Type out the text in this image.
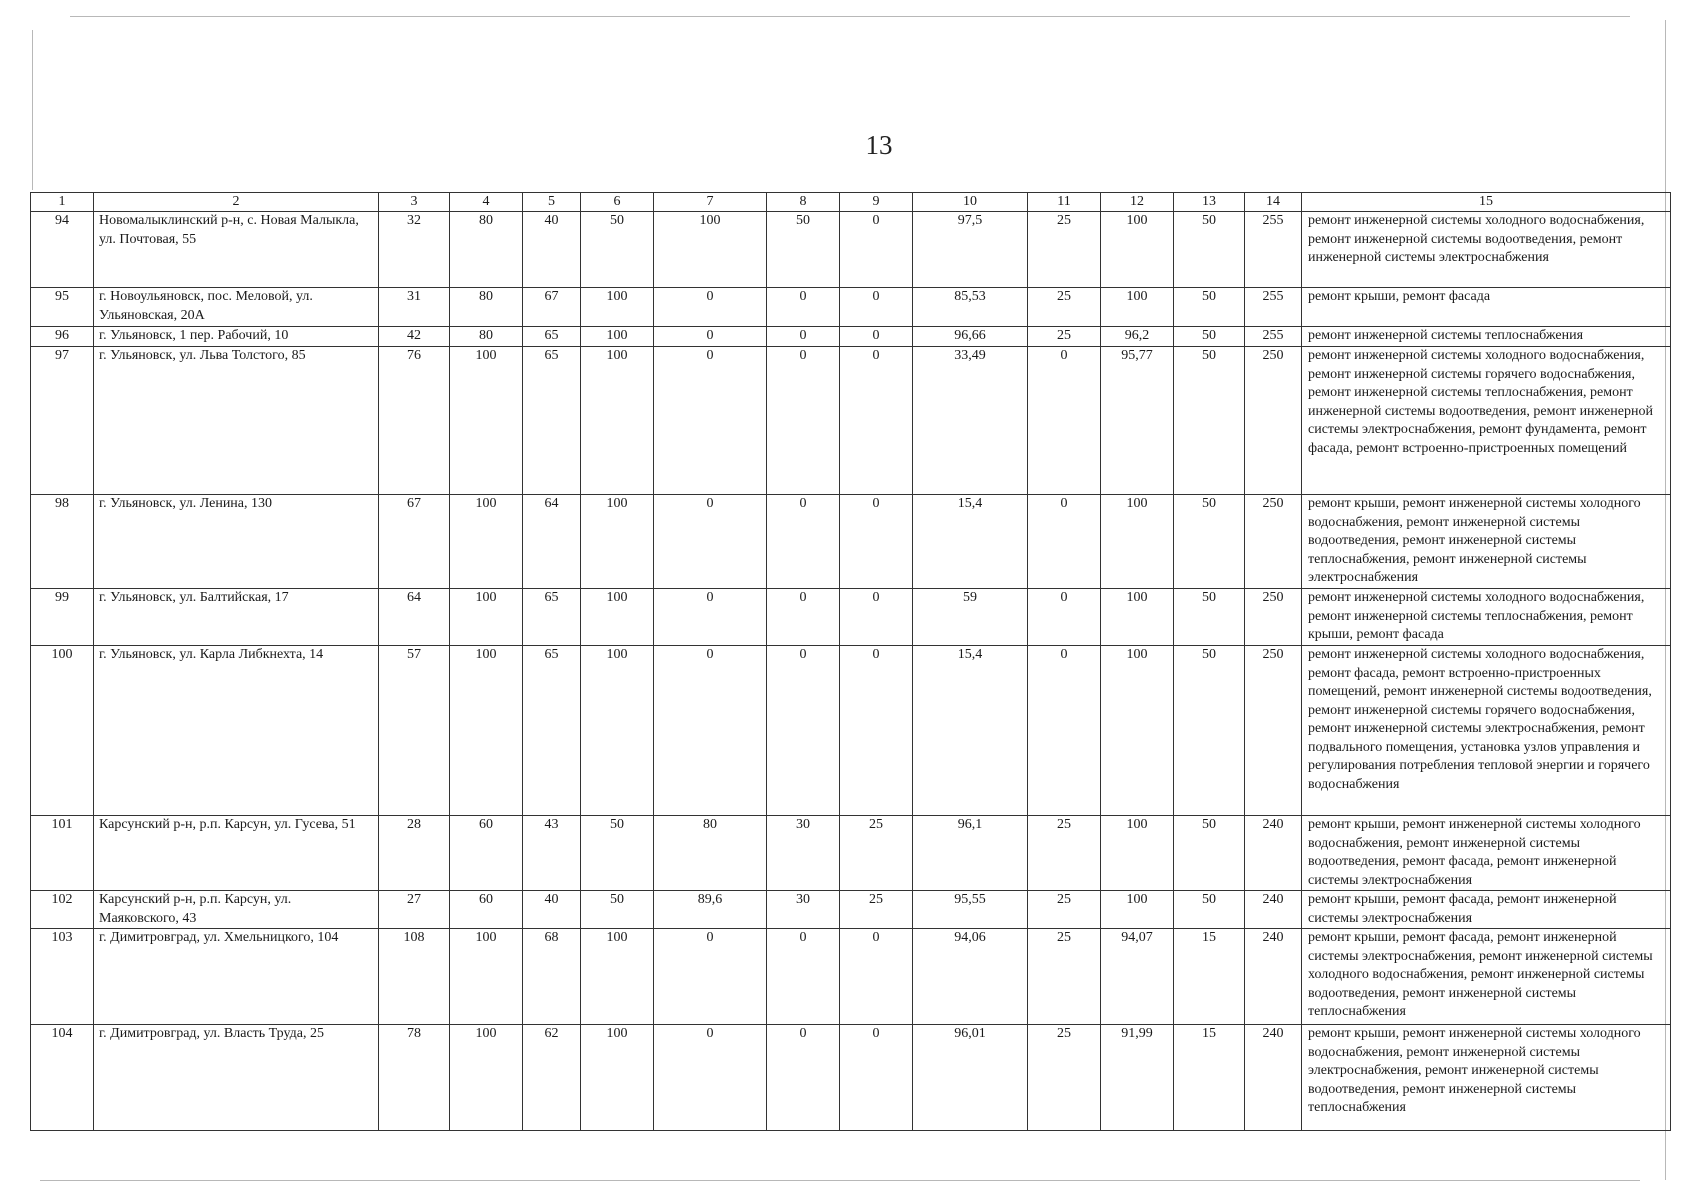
13
1	2	3	4	5	6	7	8	9	10	11	12	13	14	15
94	Новомалыклинский р-н, с. Новая Малыкла, ул. Почтовая, 55	32	80	40	50	100	50	0	97,5	25	100	50	255	ремонт инженерной системы холодного водоснабжения, ремонт инженерной системы водоотведения, ремонт инженерной системы электроснабжения
95	г. Новоульяновск, пос. Меловой, ул. Ульяновская, 20А	31	80	67	100	0	0	0	85,53	25	100	50	255	ремонт крыши, ремонт фасада
96	г. Ульяновск, 1 пер. Рабочий, 10	42	80	65	100	0	0	0	96,66	25	96,2	50	255	ремонт инженерной системы теплоснабжения
97	г. Ульяновск, ул. Льва Толстого, 85	76	100	65	100	0	0	0	33,49	0	95,77	50	250	ремонт инженерной системы холодного водоснабжения, ремонт инженерной системы горячего водоснабжения, ремонт инженерной системы теплоснабжения, ремонт инженерной системы водоотведения, ремонт инженерной системы электроснабжения, ремонт фундамента, ремонт фасада, ремонт встроенно-пристроенных помещений
98	г. Ульяновск, ул. Ленина, 130	67	100	64	100	0	0	0	15,4	0	100	50	250	ремонт крыши, ремонт инженерной системы холодного водоснабжения, ремонт инженерной системы водоотведения, ремонт инженерной системы теплоснабжения, ремонт инженерной системы электроснабжения
99	г. Ульяновск, ул. Балтийская, 17	64	100	65	100	0	0	0	59	0	100	50	250	ремонт инженерной системы холодного водоснабжения, ремонт инженерной системы теплоснабжения, ремонт крыши, ремонт фасада
100	г. Ульяновск, ул. Карла Либкнехта, 14	57	100	65	100	0	0	0	15,4	0	100	50	250	ремонт инженерной системы холодного водоснабжения, ремонт фасада, ремонт встроенно-пристроенных помещений, ремонт инженерной системы водоотведения, ремонт инженерной системы горячего водоснабжения, ремонт инженерной системы электроснабжения, ремонт подвального помещения, установка узлов управления и регулирования потребления тепловой энергии и горячего водоснабжения
101	Карсунский р-н, р.п. Карсун, ул. Гусева, 51	28	60	43	50	80	30	25	96,1	25	100	50	240	ремонт крыши, ремонт инженерной системы холодного водоснабжения, ремонт инженерной системы водоотведения, ремонт фасада, ремонт инженерной системы электроснабжения
102	Карсунский р-н, р.п. Карсун, ул. Маяковского, 43	27	60	40	50	89,6	30	25	95,55	25	100	50	240	ремонт крыши, ремонт фасада, ремонт инженерной системы электроснабжения
103	г. Димитровград, ул. Хмельницкого, 104	108	100	68	100	0	0	0	94,06	25	94,07	15	240	ремонт крыши, ремонт фасада, ремонт инженерной системы электроснабжения, ремонт инженерной системы холодного водоснабжения, ремонт инженерной системы водоотведения, ремонт инженерной системы теплоснабжения
104	г. Димитровград, ул. Власть Труда, 25	78	100	62	100	0	0	0	96,01	25	91,99	15	240	ремонт крыши, ремонт инженерной системы холодного водоснабжения, ремонт инженерной системы электроснабжения, ремонт инженерной системы водоотведения, ремонт инженерной системы теплоснабжения
